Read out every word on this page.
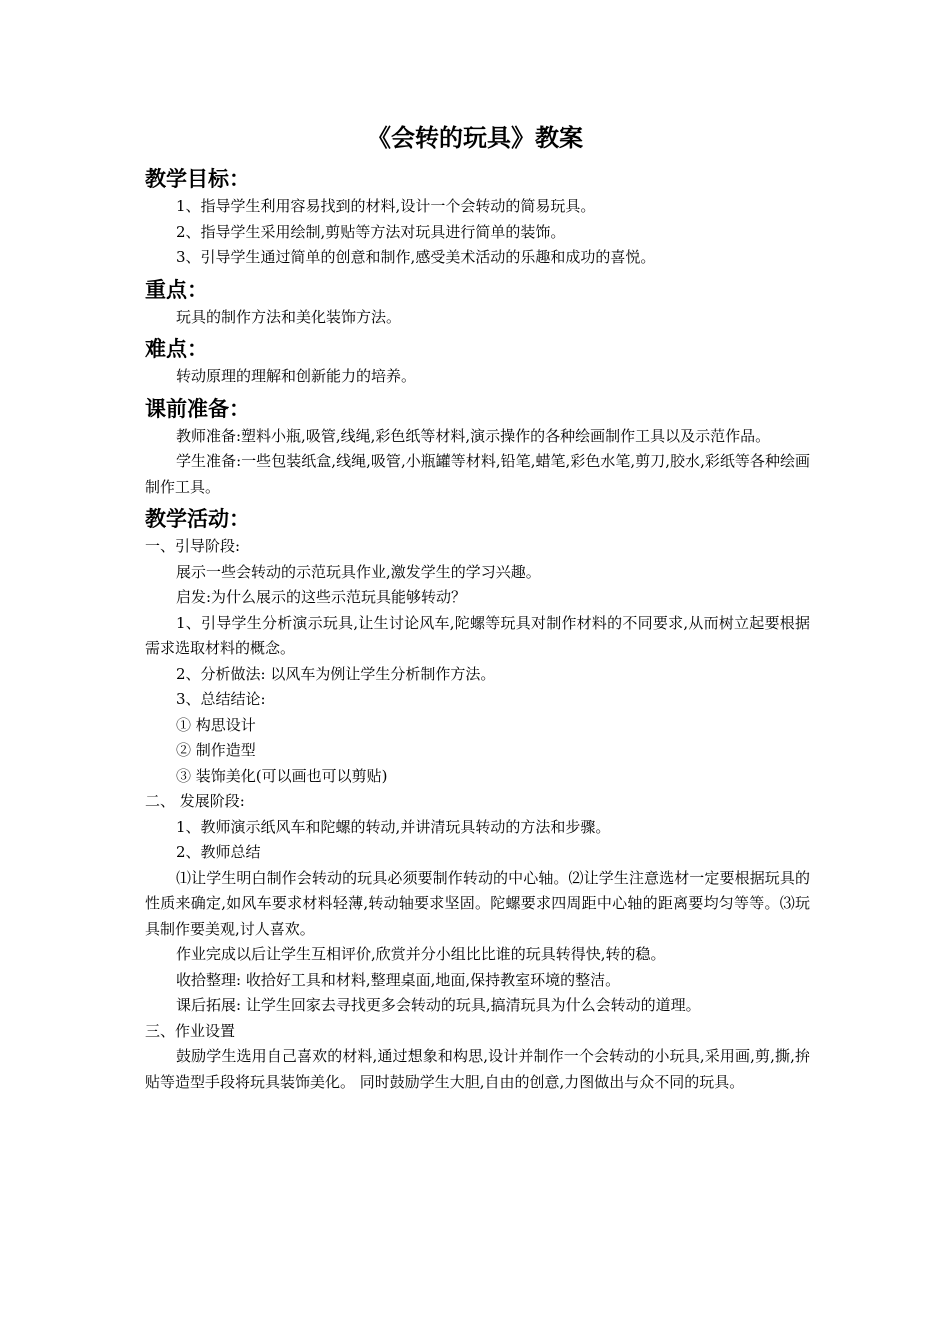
《会转的玩具》教案
教学目标：

1、指导学生利用容易找到的材料,设计一个会转动的简易玩具。

2、指导学生采用绘制,剪贴等方法对玩具进行简单的装饰。

3、引导学生通过简单的创意和制作,感受美术活动的乐趣和成功的喜悦。

重点：

玩具的制作方法和美化装饰方法。

难点：

转动原理的理解和创新能力的培养。

课前准备：

教师准备:塑料小瓶,吸管,线绳,彩色纸等材料,演示操作的各种绘画制作工具以及示范作品。

学生准备:一些包装纸盒,线绳,吸管,小瓶罐等材料,铅笔,蜡笔,彩色水笔,剪刀,胶水,彩纸等各种绘画制作工具。

教学活动：

一、引导阶段:

展示一些会转动的示范玩具作业,激发学生的学习兴趣。

启发:为什么展示的这些示范玩具能够转动？

1、引导学生分析演示玩具,让生讨论风车,陀螺等玩具对制作材料的不同要求,从而树立起要根据需求选取材料的概念。

2、分析做法: 以风车为例让学生分析制作方法。

3、总结结论:

① 构思设计

② 制作造型

③ 装饰美化(可以画也可以剪贴)

二、 发展阶段:

1、教师演示纸风车和陀螺的转动,并讲清玩具转动的方法和步骤。

2、教师总结

⑴让学生明白制作会转动的玩具必须要制作转动的中心轴。⑵让学生注意选材一定要根据玩具的性质来确定,如风车要求材料轻薄,转动轴要求坚固。陀螺要求四周距中心轴的距离要均匀等等。⑶玩具制作要美观,讨人喜欢。

作业完成以后让学生互相评价,欣赏并分小组比比谁的玩具转得快,转的稳。

收拾整理: 收拾好工具和材料,整理桌面,地面,保持教室环境的整洁。

课后拓展: 让学生回家去寻找更多会转动的玩具,搞清玩具为什么会转动的道理。

三、作业设置

鼓励学生选用自己喜欢的材料,通过想象和构思,设计并制作一个会转动的小玩具,采用画,剪,撕,拚贴等造型手段将玩具装饰美化。 同时鼓励学生大胆,自由的创意,力图做出与众不同的玩具。
